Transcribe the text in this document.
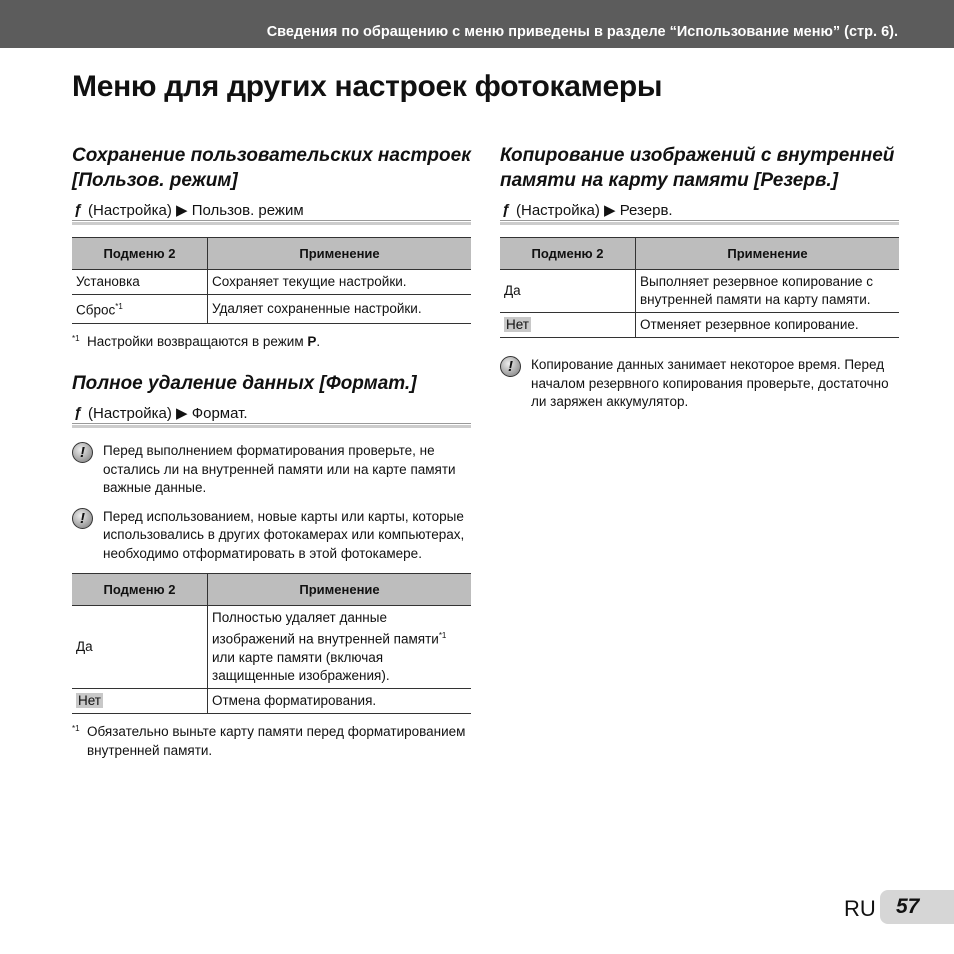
Сведения по обращению с меню приведены в разделе “Использование меню” (стр. 6).
Меню для других настроек фотокамеры
Сохранение пользовательских настроек [Пользов. режим]
ƒ (Настройка) ▶ Пользов. режим
Подменю 2	Применение
Установка	Сохраняет текущие настройки.
Сброс$^{*1}$	Удаляет сохраненные настройки.
*1 Настройки возвращаются в режим P.
Полное удаление данных [Формат.]
ƒ (Настройка) ▶ Формат.
!	Перед выполнением форматирования проверьте, не остались ли на внутренней памяти или на карте памяти важные данные.
!	Перед использованием, новые карты или карты, которые использовались в других фотокамерах или компьютерах, необходимо отформатировать в этой фотокамере.
Подменю 2	Применение
Да	Полностью удаляет данные изображений на внутренней памяти$^{*1}$ или карте памяти (включая защищенные изображения).
Нет	Отмена форматирования.
*1 Обязательно выньте карту памяти перед форматированием внутренней памяти.
Копирование изображений с внутренней памяти на карту памяти [Резерв.]
ƒ (Настройка) ▶ Резерв.
Подменю 2	Применение
Да	Выполняет резервное копирование с внутренней памяти на карту памяти.
Нет	Отменяет резервное копирование.
!	Копирование данных занимает некоторое время. Перед началом резервного копирования проверьте, достаточно ли заряжен аккумулятор.
RU 57
